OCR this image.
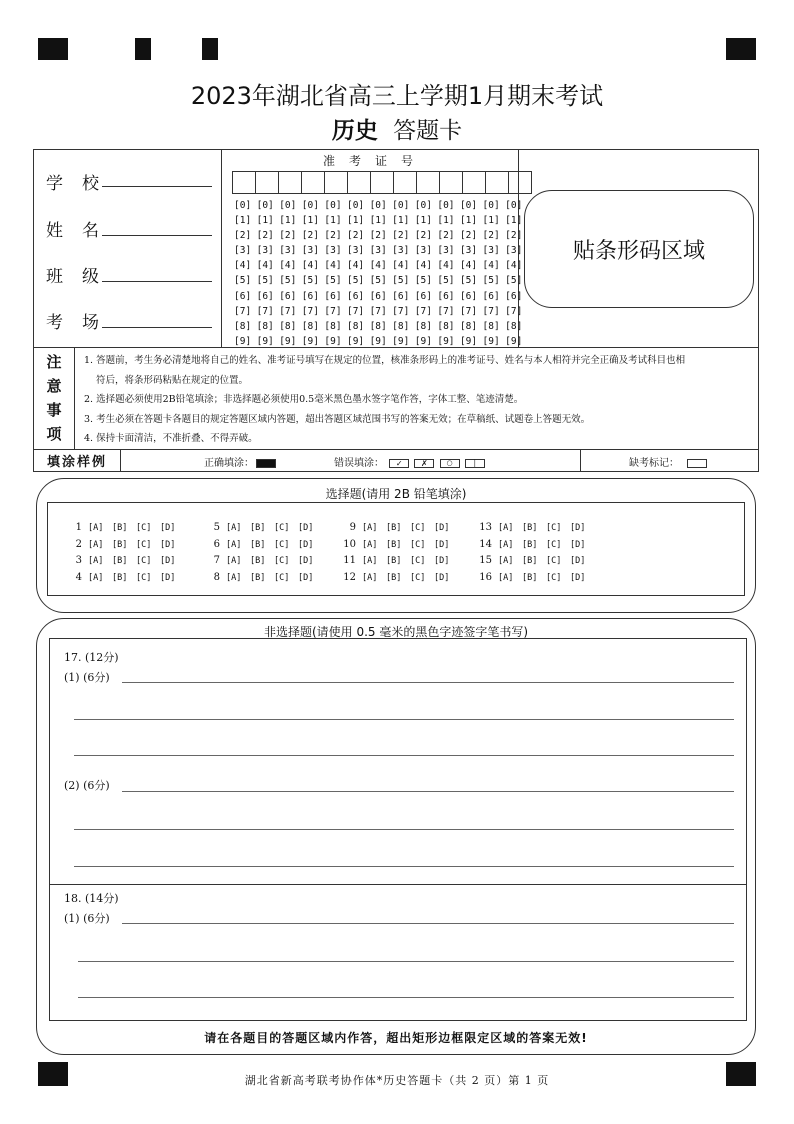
2023年湖北省高三上学期1月期末考试
历史 答题卡
学 校
姓 名
班 级
考 场
准考证号
[0] [0] [0] [0] [0] [0] [0] [0] [0] [0] [0] [0] [0]
[1] [1] [1] [1] [1] [1] [1] [1] [1] [1] [1] [1] [1]
[2] [2] [2] [2] [2] [2] [2] [2] [2] [2] [2] [2] [2]
[3] [3] [3] [3] [3] [3] [3] [3] [3] [3] [3] [3] [3]
[4] [4] [4] [4] [4] [4] [4] [4] [4] [4] [4] [4] [4]
[5] [5] [5] [5] [5] [5] [5] [5] [5] [5] [5] [5] [5]
[6] [6] [6] [6] [6] [6] [6] [6] [6] [6] [6] [6] [6]
[7] [7] [7] [7] [7] [7] [7] [7] [7] [7] [7] [7] [7]
[8] [8] [8] [8] [8] [8] [8] [8] [8] [8] [8] [8] [8]
[9] [9] [9] [9] [9] [9] [9] [9] [9] [9] [9] [9] [9]
贴条形码区域
注
意
事
项
1. 答题前，考生务必清楚地将自己的姓名、准考证号填写在规定的位置，核准条形码上的准考证号、姓名与本人相符并完全正确及考试科目也相
符后，将条形码粘贴在规定的位置。
2. 选择题必须使用2B铅笔填涂；非选择题必须使用0.5毫米黑色墨水签字笔作答，字体工整、笔迹清楚。
3. 考生必须在答题卡各题目的规定答题区域内答题，超出答题区域范围书写的答案无效；在草稿纸、试题卷上答题无效。
4. 保持卡面清洁，不准折叠、不得弄破。
填涂样例	正确填涂：	错误填涂： ✓ ✗	○	|	缺考标记：
选择题(请用 2B 铅笔填涂)
1 [A] [B] [C] [D]
2 [A] [B] [C] [D]
3 [A] [B] [C] [D]
4 [A] [B] [C] [D]
5 [A] [B] [C] [D]
6 [A] [B] [C] [D]
7 [A] [B] [C] [D]
8 [A] [B] [C] [D]
9 [A] [B] [C] [D]
10 [A] [B] [C] [D]
11 [A] [B] [C] [D]
12 [A] [B] [C] [D]
13 [A] [B] [C] [D]
14 [A] [B] [C] [D]
15 [A] [B] [C] [D]
16 [A] [B] [C] [D]
非选择题(请使用 0.5 毫米的黑色字迹签字笔书写)
17. (12分)
(1) (6分)
(2) (6分)
18. (14分)
(1) (6分)
请在各题目的答题区域内作答，超出矩形边框限定区域的答案无效!
湖北省新高考联考协作体*历史答题卡（共 2 页）第 1 页
